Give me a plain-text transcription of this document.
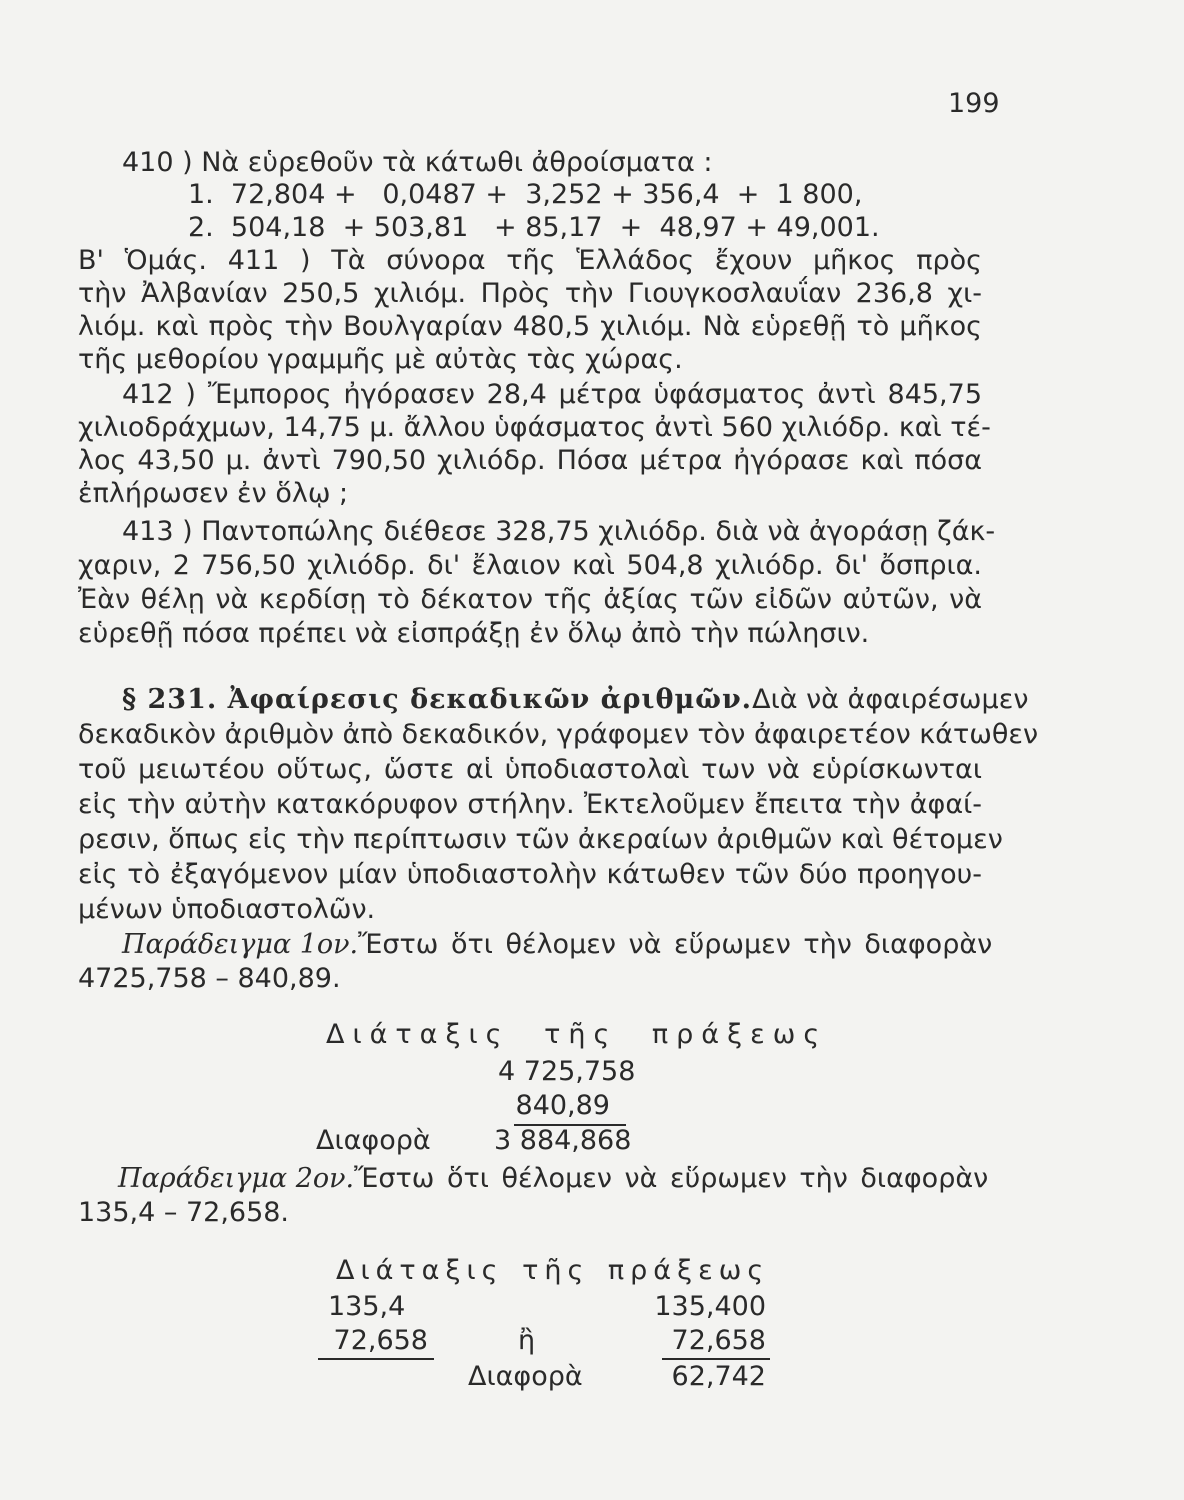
199
410 ) Νὰ εὑρεθοῦν τὰ κάτωθι ἀθροίσματα :
1.  72,804 +   0,0487 +  3,252 + 356,4  +  1 800,
2.  504,18  + 503,81   + 85,17  +  48,97 + 49,001.
Β' Ὁμάς. 411 ) Τὰ σύνορα τῆς Ἑλλάδος ἔχουν μῆκος πρὸς
τὴν Ἀλβανίαν 250,5 χιλιόμ. Πρὸς τὴν Γιουγκοσλαυΐαν 236,8 χι-
λιόμ. καὶ πρὸς τὴν Βουλγαρίαν 480,5 χιλιόμ. Νὰ εὑρεθῇ τὸ μῆκος
τῆς μεθορίου γραμμῆς μὲ αὐτὰς τὰς χώρας.
412 ) Ἔμπορος ἠγόρασεν 28,4 μέτρα ὑφάσματος ἀντὶ 845,75
χιλιοδράχμων, 14,75 μ. ἄλλου ὑφάσματος ἀντὶ 560 χιλιόδρ. καὶ τέ-
λος 43,50 μ. ἀντὶ 790,50 χιλιόδρ. Πόσα μέτρα ἠγόρασε καὶ πόσα
ἐπλήρωσεν ἐν ὅλῳ ;
413 ) Παντοπώλης διέθεσε 328,75 χιλιόδρ. διὰ νὰ ἀγοράσῃ ζάκ-
χαριν, 2 756,50 χιλιόδρ. δι' ἔλαιον καὶ 504,8 χιλιόδρ. δι' ὄσπρια.
Ἐὰν θέλῃ νὰ κερδίσῃ τὸ δέκατον τῆς ἀξίας τῶν εἰδῶν αὐτῶν, νὰ
εὑρεθῇ πόσα πρέπει νὰ εἰσπράξῃ ἐν ὅλῳ ἀπὸ τὴν πώλησιν.
§ 231. Ἀφαίρεσις δεκαδικῶν ἀριθμῶν. Διὰ νὰ ἀφαιρέσωμεν
δεκαδικὸν ἀριθμὸν ἀπὸ δεκαδικόν, γράφομεν τὸν ἀφαιρετέον κάτωθεν
τοῦ μειωτέου οὕτως, ὥστε αἱ ὑποδιαστολαὶ των νὰ εὑρίσκωνται
εἰς τὴν αὐτὴν κατακόρυφον στήλην. Ἐκτελοῦμεν ἔπειτα τὴν ἀφαί-
ρεσιν, ὅπως εἰς τὴν περίπτωσιν τῶν ἀκεραίων ἀριθμῶν καὶ θέτομεν
εἰς τὸ ἐξαγόμενον μίαν ὑποδιαστολὴν κάτωθεν τῶν δύο προηγου-
μένων ὑποδιαστολῶν.
Παράδειγμα 1ον. Ἔστω ὅτι θέλομεν νὰ εὕρωμεν τὴν διαφορὰν
4725,758 – 840,89.
Διάταξις τῆς πράξεως
4 725,758
840,89
Διαφορὰ 3 884,868
Παράδειγμα 2ον. Ἔστω ὅτι θέλομεν νὰ εὕρωμεν τὴν διαφορὰν
135,4 – 72,658.
Διάταξις τῆς πράξεως
135,4
72,658	ἢ
135,400
72,658
Διαφορὰ	62,742
